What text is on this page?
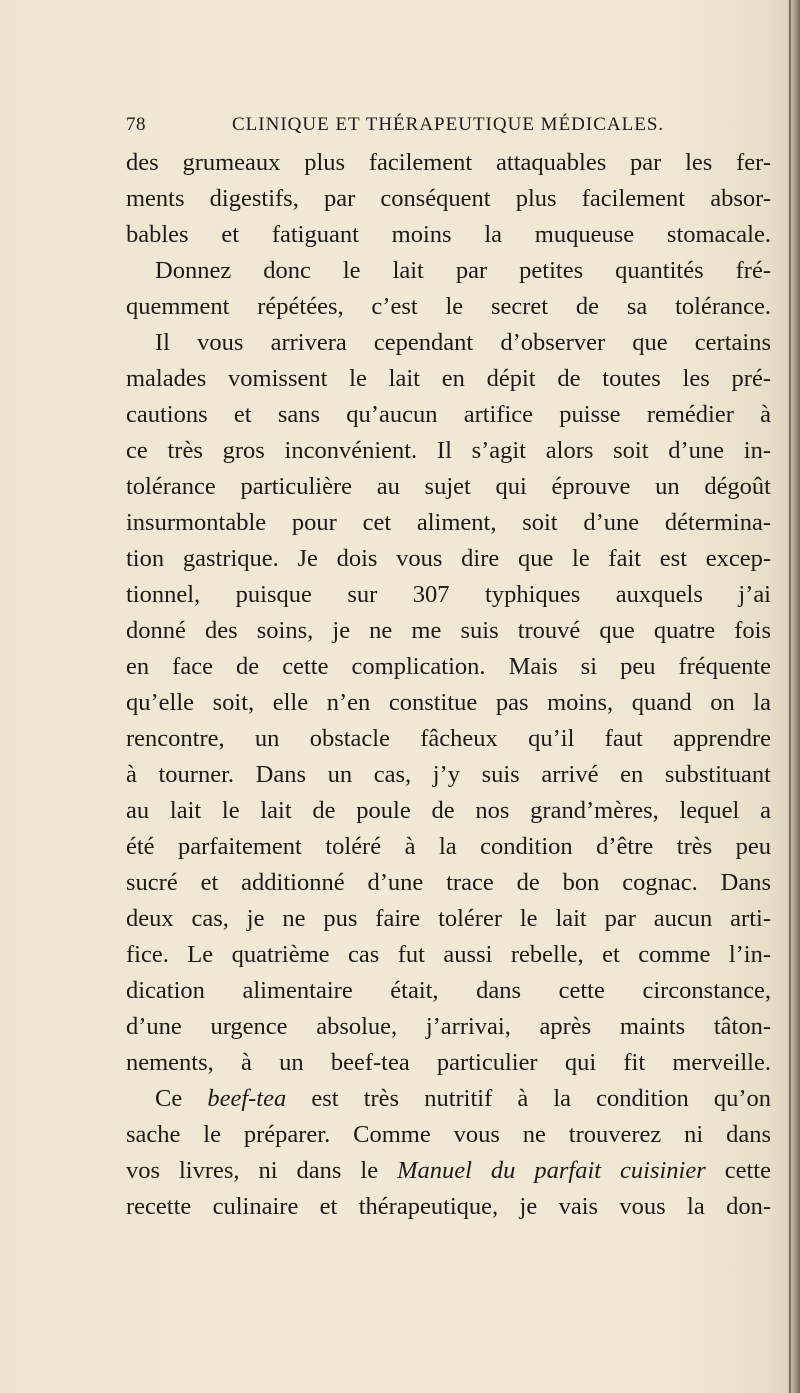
78	CLINIQUE ET THÉRAPEUTIQUE MÉDICALES.
des grumeaux plus facilement attaquables par les fer-
ments digestifs, par conséquent plus facilement absor-
bables et fatiguant moins la muqueuse stomacale.
Donnez donc le lait par petites quantités fré-
quemment répétées, c’est le secret de sa tolérance.
Il vous arrivera cependant d’observer que certains
malades vomissent le lait en dépit de toutes les pré-
cautions et sans qu’aucun artifice puisse remédier à
ce très gros inconvénient. Il s’agit alors soit d’une in-
tolérance particulière au sujet qui éprouve un dégoût
insurmontable pour cet aliment, soit d’une détermina-
tion gastrique. Je dois vous dire que le fait est excep-
tionnel, puisque sur 307 typhiques auxquels j’ai
donné des soins, je ne me suis trouvé que quatre fois
en face de cette complication. Mais si peu fréquente
qu’elle soit, elle n’en constitue pas moins, quand on la
rencontre, un obstacle fâcheux qu’il faut apprendre
à tourner. Dans un cas, j’y suis arrivé en substituant
au lait le lait de poule de nos grand’mères, lequel a
été parfaitement toléré à la condition d’être très peu
sucré et additionné d’une trace de bon cognac. Dans
deux cas, je ne pus faire tolérer le lait par aucun arti-
fice. Le quatrième cas fut aussi rebelle, et comme l’in-
dication alimentaire était, dans cette circonstance,
d’une urgence absolue, j’arrivai, après maints tâton-
nements, à un beef-tea particulier qui fit merveille.
Ce beef-tea est très nutritif à la condition qu’on
sache le préparer. Comme vous ne trouverez ni dans
vos livres, ni dans le Manuel du parfait cuisinier cette
recette culinaire et thérapeutique, je vais vous la don-
